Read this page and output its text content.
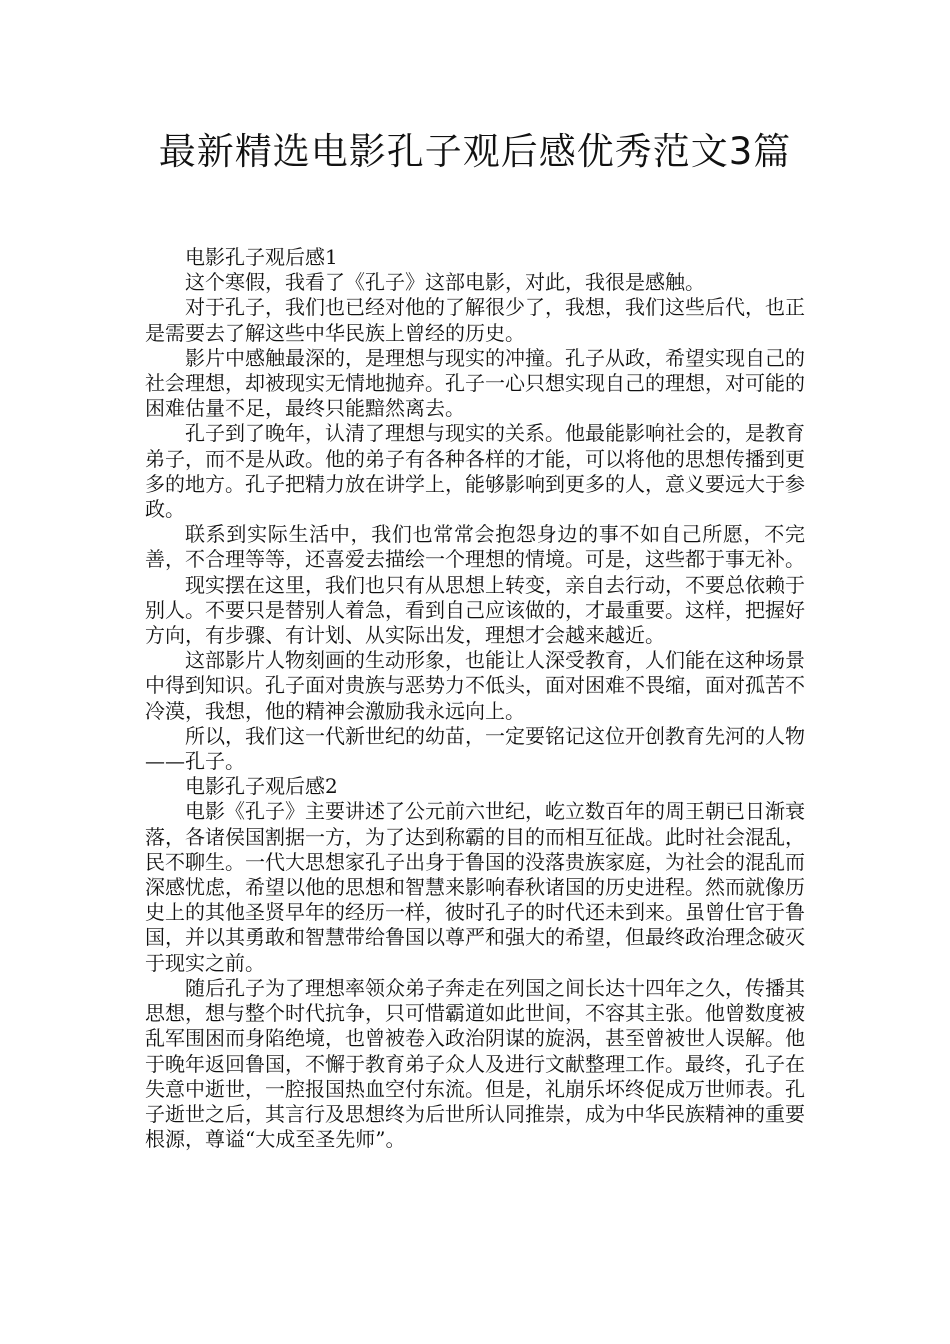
最新精选电影孔子观后感优秀范文3篇

电影孔子观后感1

这个寒假，我看了《孔子》这部电影，对此，我很是感触。

对于孔子，我们也已经对他的了解很少了，我想，我们这些后代，也正是需要去了解这些中华民族上曾经的历史。

影片中感触最深的，是理想与现实的冲撞。孔子从政，希望实现自己的社会理想，却被现实无情地抛弃。孔子一心只想实现自己的理想，对可能的困难估量不足，最终只能黯然离去。

孔子到了晚年，认清了理想与现实的关系。他最能影响社会的，是教育弟子，而不是从政。他的弟子有各种各样的才能，可以将他的思想传播到更多的地方。孔子把精力放在讲学上，能够影响到更多的人，意义要远大于参政。

联系到实际生活中，我们也常常会抱怨身边的事不如自己所愿，不完善，不合理等等，还喜爱去描绘一个理想的情境。可是，这些都于事无补。

现实摆在这里，我们也只有从思想上转变，亲自去行动，不要总依赖于别人。不要只是替别人着急，看到自己应该做的，才最重要。这样，把握好方向，有步骤、有计划、从实际出发，理想才会越来越近。

这部影片人物刻画的生动形象，也能让人深受教育，人们能在这种场景中得到知识。孔子面对贵族与恶势力不低头，面对困难不畏缩，面对孤苦不冷漠，我想，他的精神会激励我永远向上。

所以，我们这一代新世纪的幼苗，一定要铭记这位开创教育先河的人物——孔子。

电影孔子观后感2

电影《孔子》主要讲述了公元前六世纪，屹立数百年的周王朝已日渐衰落，各诸侯国割据一方，为了达到称霸的目的而相互征战。此时社会混乱，民不聊生。一代大思想家孔子出身于鲁国的没落贵族家庭，为社会的混乱而深感忧虑，希望以他的思想和智慧来影响春秋诸国的历史进程。然而就像历史上的其他圣贤早年的经历一样，彼时孔子的时代还未到来。虽曾仕官于鲁国，并以其勇敢和智慧带给鲁国以尊严和强大的希望，但最终政治理念破灭于现实之前。

随后孔子为了理想率领众弟子奔走在列国之间长达十四年之久，传播其思想，想与整个时代抗争，只可惜霸道如此世间，不容其主张。他曾数度被乱军围困而身陷绝境，也曾被卷入政治阴谋的旋涡，甚至曾被世人误解。他于晚年返回鲁国，不懈于教育弟子众人及进行文献整理工作。最终，孔子在失意中逝世，一腔报国热血空付东流。但是，礼崩乐坏终促成万世师表。孔子逝世之后，其言行及思想终为后世所认同推崇，成为中华民族精神的重要根源，尊谥“大成至圣先师”。
